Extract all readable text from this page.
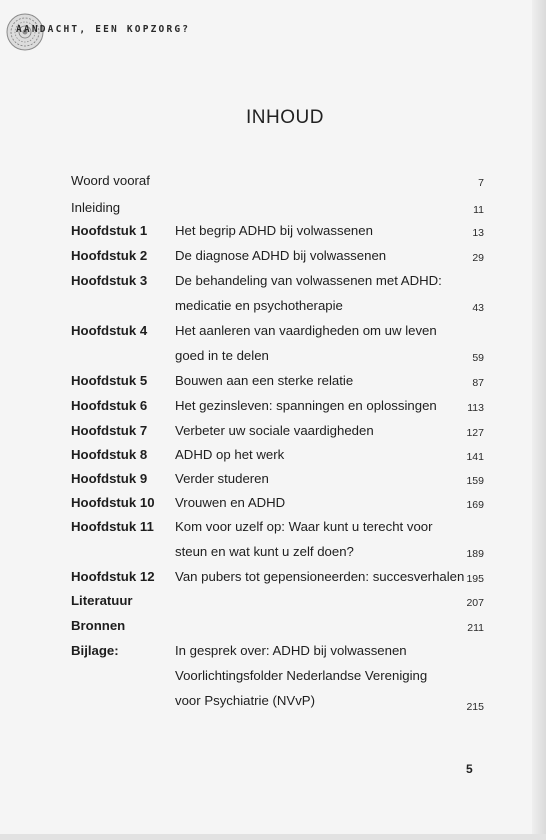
AANDACHT, EEN KOPZORG?
INHOUD
Woord vooraf	7
Inleiding	11
Hoofdstuk 1 Het begrip ADHD bij volwassenen	13
Hoofdstuk 2 De diagnose ADHD bij volwassenen	29
Hoofdstuk 3 De behandeling van volwassenen met ADHD:
medicatie en psychotherapie	43
Hoofdstuk 4 Het aanleren van vaardigheden om uw leven
goed in te delen	59
Hoofdstuk 5 Bouwen aan een sterke relatie	87
Hoofdstuk 6 Het gezinsleven: spanningen en oplossingen	113
Hoofdstuk 7 Verbeter uw sociale vaardigheden	127
Hoofdstuk 8 ADHD op het werk	141
Hoofdstuk 9 Verder studeren	159
Hoofdstuk 10 Vrouwen en ADHD	169
Hoofdstuk 11 Kom voor uzelf op: Waar kunt u terecht voor
steun en wat kunt u zelf doen?	189
Hoofdstuk 12 Van pubers tot gepensioneerden: succesverhalen 195
Literatuur	207
Bronnen	211
Bijlage:	In gesprek over: ADHD bij volwassenen
Voorlichtingsfolder Nederlandse Vereniging
voor Psychiatrie (NVvP)	215
5
